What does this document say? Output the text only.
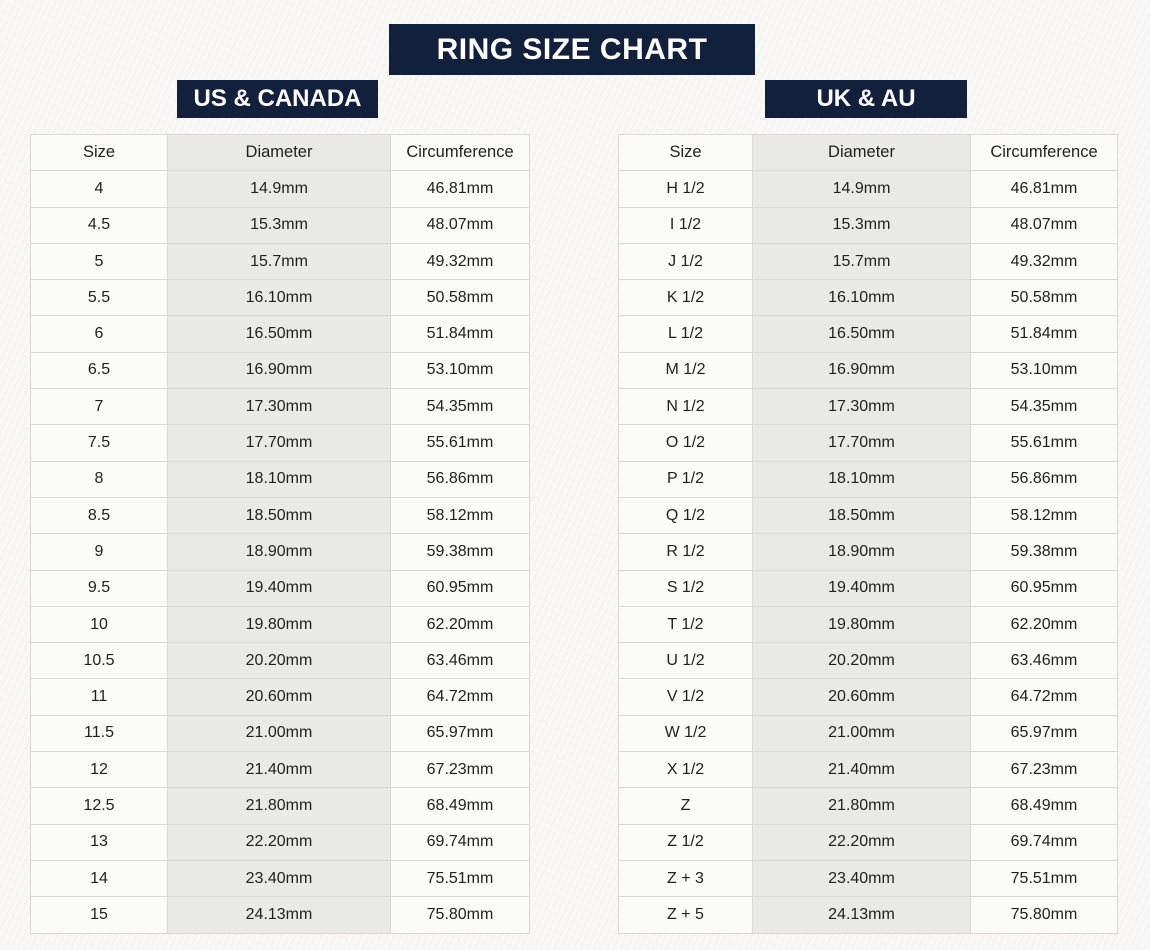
RING SIZE CHART
US & CANADA	UK & AU
Size	Diameter	Circumference
4	14.9mm	46.81mm
4.5	15.3mm	48.07mm
5	15.7mm	49.32mm
5.5	16.10mm	50.58mm
6	16.50mm	51.84mm
6.5	16.90mm	53.10mm
7	17.30mm	54.35mm
7.5	17.70mm	55.61mm
8	18.10mm	56.86mm
8.5	18.50mm	58.12mm
9	18.90mm	59.38mm
9.5	19.40mm	60.95mm
10	19.80mm	62.20mm
10.5	20.20mm	63.46mm
11	20.60mm	64.72mm
11.5	21.00mm	65.97mm
12	21.40mm	67.23mm
12.5	21.80mm	68.49mm
13	22.20mm	69.74mm
14	23.40mm	75.51mm
15	24.13mm	75.80mm
Size	Diameter	Circumference
H 1/2	14.9mm	46.81mm
I 1/2	15.3mm	48.07mm
J 1/2	15.7mm	49.32mm
K 1/2	16.10mm	50.58mm
L 1/2	16.50mm	51.84mm
M 1/2	16.90mm	53.10mm
N 1/2	17.30mm	54.35mm
O 1/2	17.70mm	55.61mm
P 1/2	18.10mm	56.86mm
Q 1/2	18.50mm	58.12mm
R 1/2	18.90mm	59.38mm
S 1/2	19.40mm	60.95mm
T 1/2	19.80mm	62.20mm
U 1/2	20.20mm	63.46mm
V 1/2	20.60mm	64.72mm
W 1/2	21.00mm	65.97mm
X 1/2	21.40mm	67.23mm
Z	21.80mm	68.49mm
Z 1/2	22.20mm	69.74mm
Z + 3	23.40mm	75.51mm
Z + 5	24.13mm	75.80mm
